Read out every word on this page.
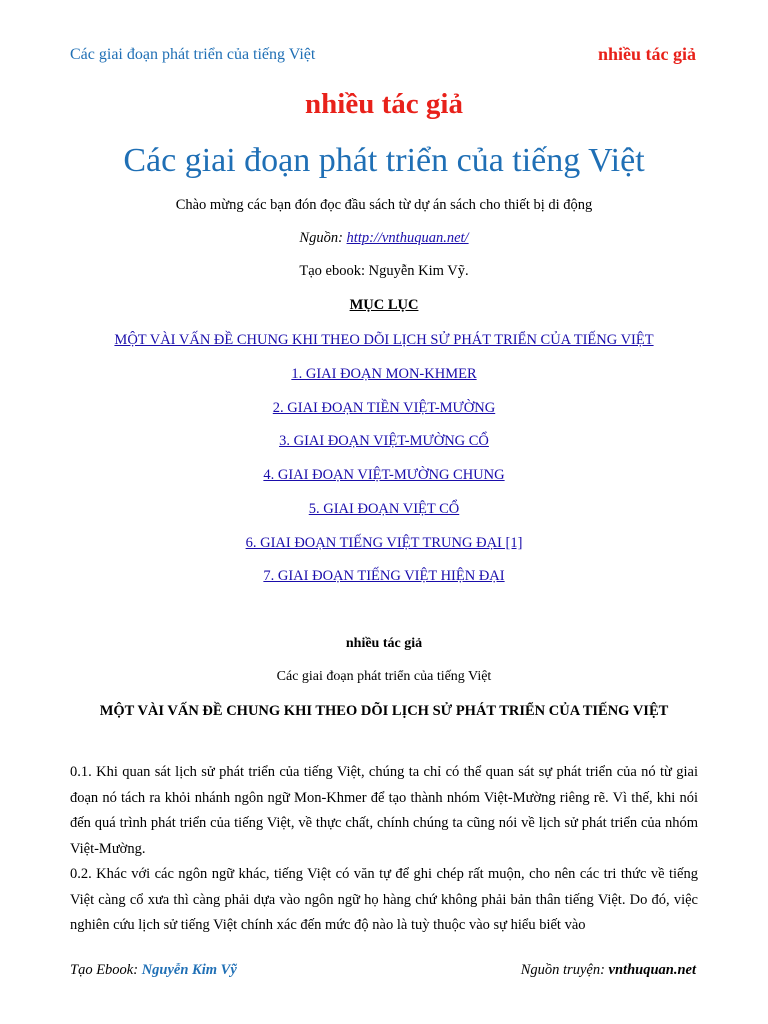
Các giai đoạn phát triển của tiếng Việt	nhiều tác giả
nhiều tác giả
Các giai đoạn phát triển của tiếng Việt
Chào mừng các bạn đón đọc đầu sách từ dự án sách cho thiết bị di động
Nguồn: http://vnthuquan.net/
Tạo ebook: Nguyễn Kim Vỹ.
MỤC LỤC
MỘT VÀI VẤN ĐỀ CHUNG KHI THEO DÕI LỊCH SỬ PHÁT TRIỂN CỦA TIẾNG VIỆT
1. GIAI ĐOẠN MON-KHMER
2. GIAI ĐOẠN TIỀN VIỆT-MƯỜNG
3. GIAI ĐOẠN VIỆT-MƯỜNG CỔ
4. GIAI ĐOẠN VIỆT-MƯỜNG CHUNG
5. GIAI ĐOẠN VIỆT CỔ
6. GIAI ĐOẠN TIẾNG VIỆT TRUNG ĐẠI [1]
7. GIAI ĐOẠN TIẾNG VIỆT HIỆN ĐẠI
nhiều tác giả
Các giai đoạn phát triển của tiếng Việt
MỘT VÀI VẤN ĐỀ CHUNG KHI THEO DÕI LỊCH SỬ PHÁT TRIỂN CỦA TIẾNG VIỆT

0.1. Khi quan sát lịch sử phát triển của tiếng Việt, chúng ta chỉ có thể quan sát sự phát triển của nó từ giai đoạn nó tách ra khỏi nhánh ngôn ngữ Mon-Khmer để tạo thành nhóm Việt-Mường riêng rẽ. Vì thế, khi nói đến quá trình phát triển của tiếng Việt, về thực chất, chính chúng ta cũng nói về lịch sử phát triển của nhóm Việt-Mường.

0.2. Khác với các ngôn ngữ khác, tiếng Việt có văn tự để ghi chép rất muộn, cho nên các tri thức về tiếng Việt càng cổ xưa thì càng phải dựa vào ngôn ngữ họ hàng chứ không phải bản thân tiếng Việt. Do đó, việc nghiên cứu lịch sử tiếng Việt chính xác đến mức độ nào là tuỳ thuộc vào sự hiểu biết vào

Tạo Ebook: Nguyễn Kim Vỹ	Nguồn truyện: vnthuquan.net
